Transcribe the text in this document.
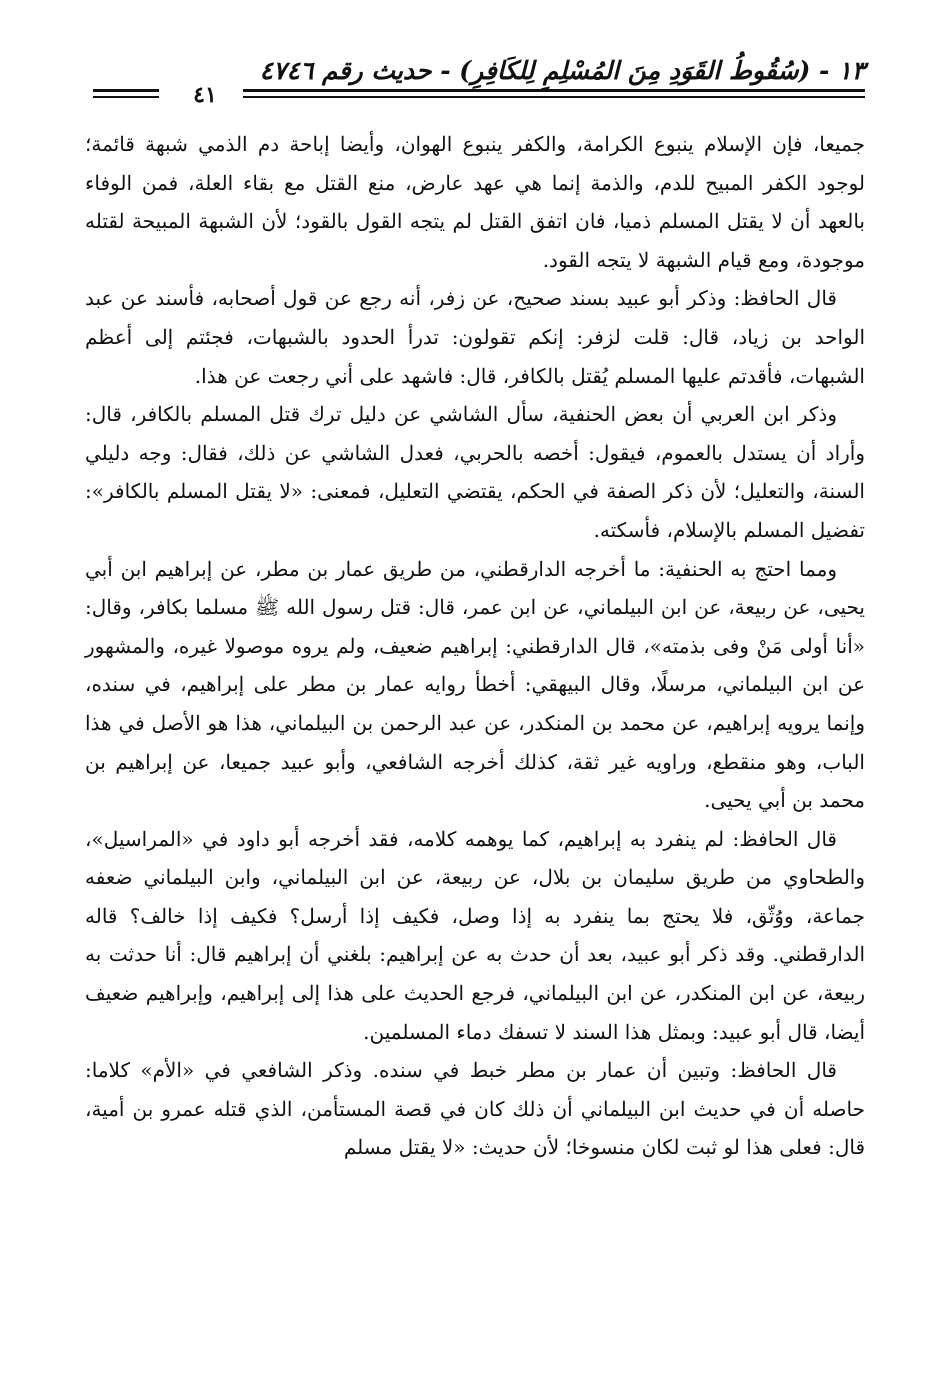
١٣ - (سُقُوطُ القَوَدِ مِنَ المُسْلِمِ لِلكَافِرِ) - حديث رقم ٤٧٤٦
٤١

جميعا، فإن الإسلام ينبوع الكرامة، والكفر ينبوع الهوان، وأيضا إباحة دم الذمي شبهة قائمة؛ لوجود الكفر المبيح للدم، والذمة إنما هي عهد عارض، منع القتل مع بقاء العلة، فمن الوفاء بالعهد أن لا يقتل المسلم ذميا، فان اتفق القتل لم يتجه القول بالقود؛ لأن الشبهة المبيحة لقتله موجودة، ومع قيام الشبهة لا يتجه القود.

قال الحافظ: وذكر أبو عبيد بسند صحيح، عن زفر، أنه رجع عن قول أصحابه، فأسند عن عبد الواحد بن زياد، قال: قلت لزفر: إنكم تقولون: تدرأ الحدود بالشبهات، فجئتم إلى أعظم الشبهات، فأقدتم عليها المسلم يُقتل بالكافر، قال: فاشهد على أني رجعت عن هذا.

وذكر ابن العربي أن بعض الحنفية، سأل الشاشي عن دليل ترك قتل المسلم بالكافر، قال: وأراد أن يستدل بالعموم، فيقول: أخصه بالحربي، فعدل الشاشي عن ذلك، فقال: وجه دليلي السنة، والتعليل؛ لأن ذكر الصفة في الحكم، يقتضي التعليل، فمعنى: «لا يقتل المسلم بالكافر»: تفضيل المسلم بالإسلام، فأسكته.

ومما احتج به الحنفية: ما أخرجه الدارقطني، من طريق عمار بن مطر، عن إبراهيم ابن أبي يحيى، عن ربيعة، عن ابن البيلماني، عن ابن عمر، قال: قتل رسول الله ﷺ مسلما بكافر، وقال: «أنا أولى مَنْ وفى بذمته»، قال الدارقطني: إبراهيم ضعيف، ولم يروه موصولا غيره، والمشهور عن ابن البيلماني، مرسلًا، وقال البيهقي: أخطأ روايه عمار بن مطر على إبراهيم، في سنده، وإنما يرويه إبراهيم، عن محمد بن المنكدر، عن عبد الرحمن بن البيلماني، هذا هو الأصل في هذا الباب، وهو منقطع، وراويه غير ثقة، كذلك أخرجه الشافعي، وأبو عبيد جميعا، عن إبراهيم بن محمد بن أبي يحيى.

قال الحافظ: لم ينفرد به إبراهيم، كما يوهمه كلامه، فقد أخرجه أبو داود في «المراسيل»، والطحاوي من طريق سليمان بن بلال، عن ربيعة، عن ابن البيلماني، وابن البيلماني ضعفه جماعة، ووُثّق، فلا يحتج بما ينفرد به إذا وصل، فكيف إذا أرسل؟ فكيف إذا خالف؟ قاله الدارقطني. وقد ذكر أبو عبيد، بعد أن حدث به عن إبراهيم: بلغني أن إبراهيم قال: أنا حدثت به ربيعة، عن ابن المنكدر، عن ابن البيلماني، فرجع الحديث على هذا إلى إبراهيم، وإبراهيم ضعيف أيضا، قال أبو عبيد: وبمثل هذا السند لا تسفك دماء المسلمين.

قال الحافظ: وتبين أن عمار بن مطر خبط في سنده. وذكر الشافعي في «الأم» كلاما: حاصله أن في حديث ابن البيلماني أن ذلك كان في قصة المستأمن، الذي قتله عمرو بن أمية، قال: فعلى هذا لو ثبت لكان منسوخا؛ لأن حديث: «لا يقتل مسلم
